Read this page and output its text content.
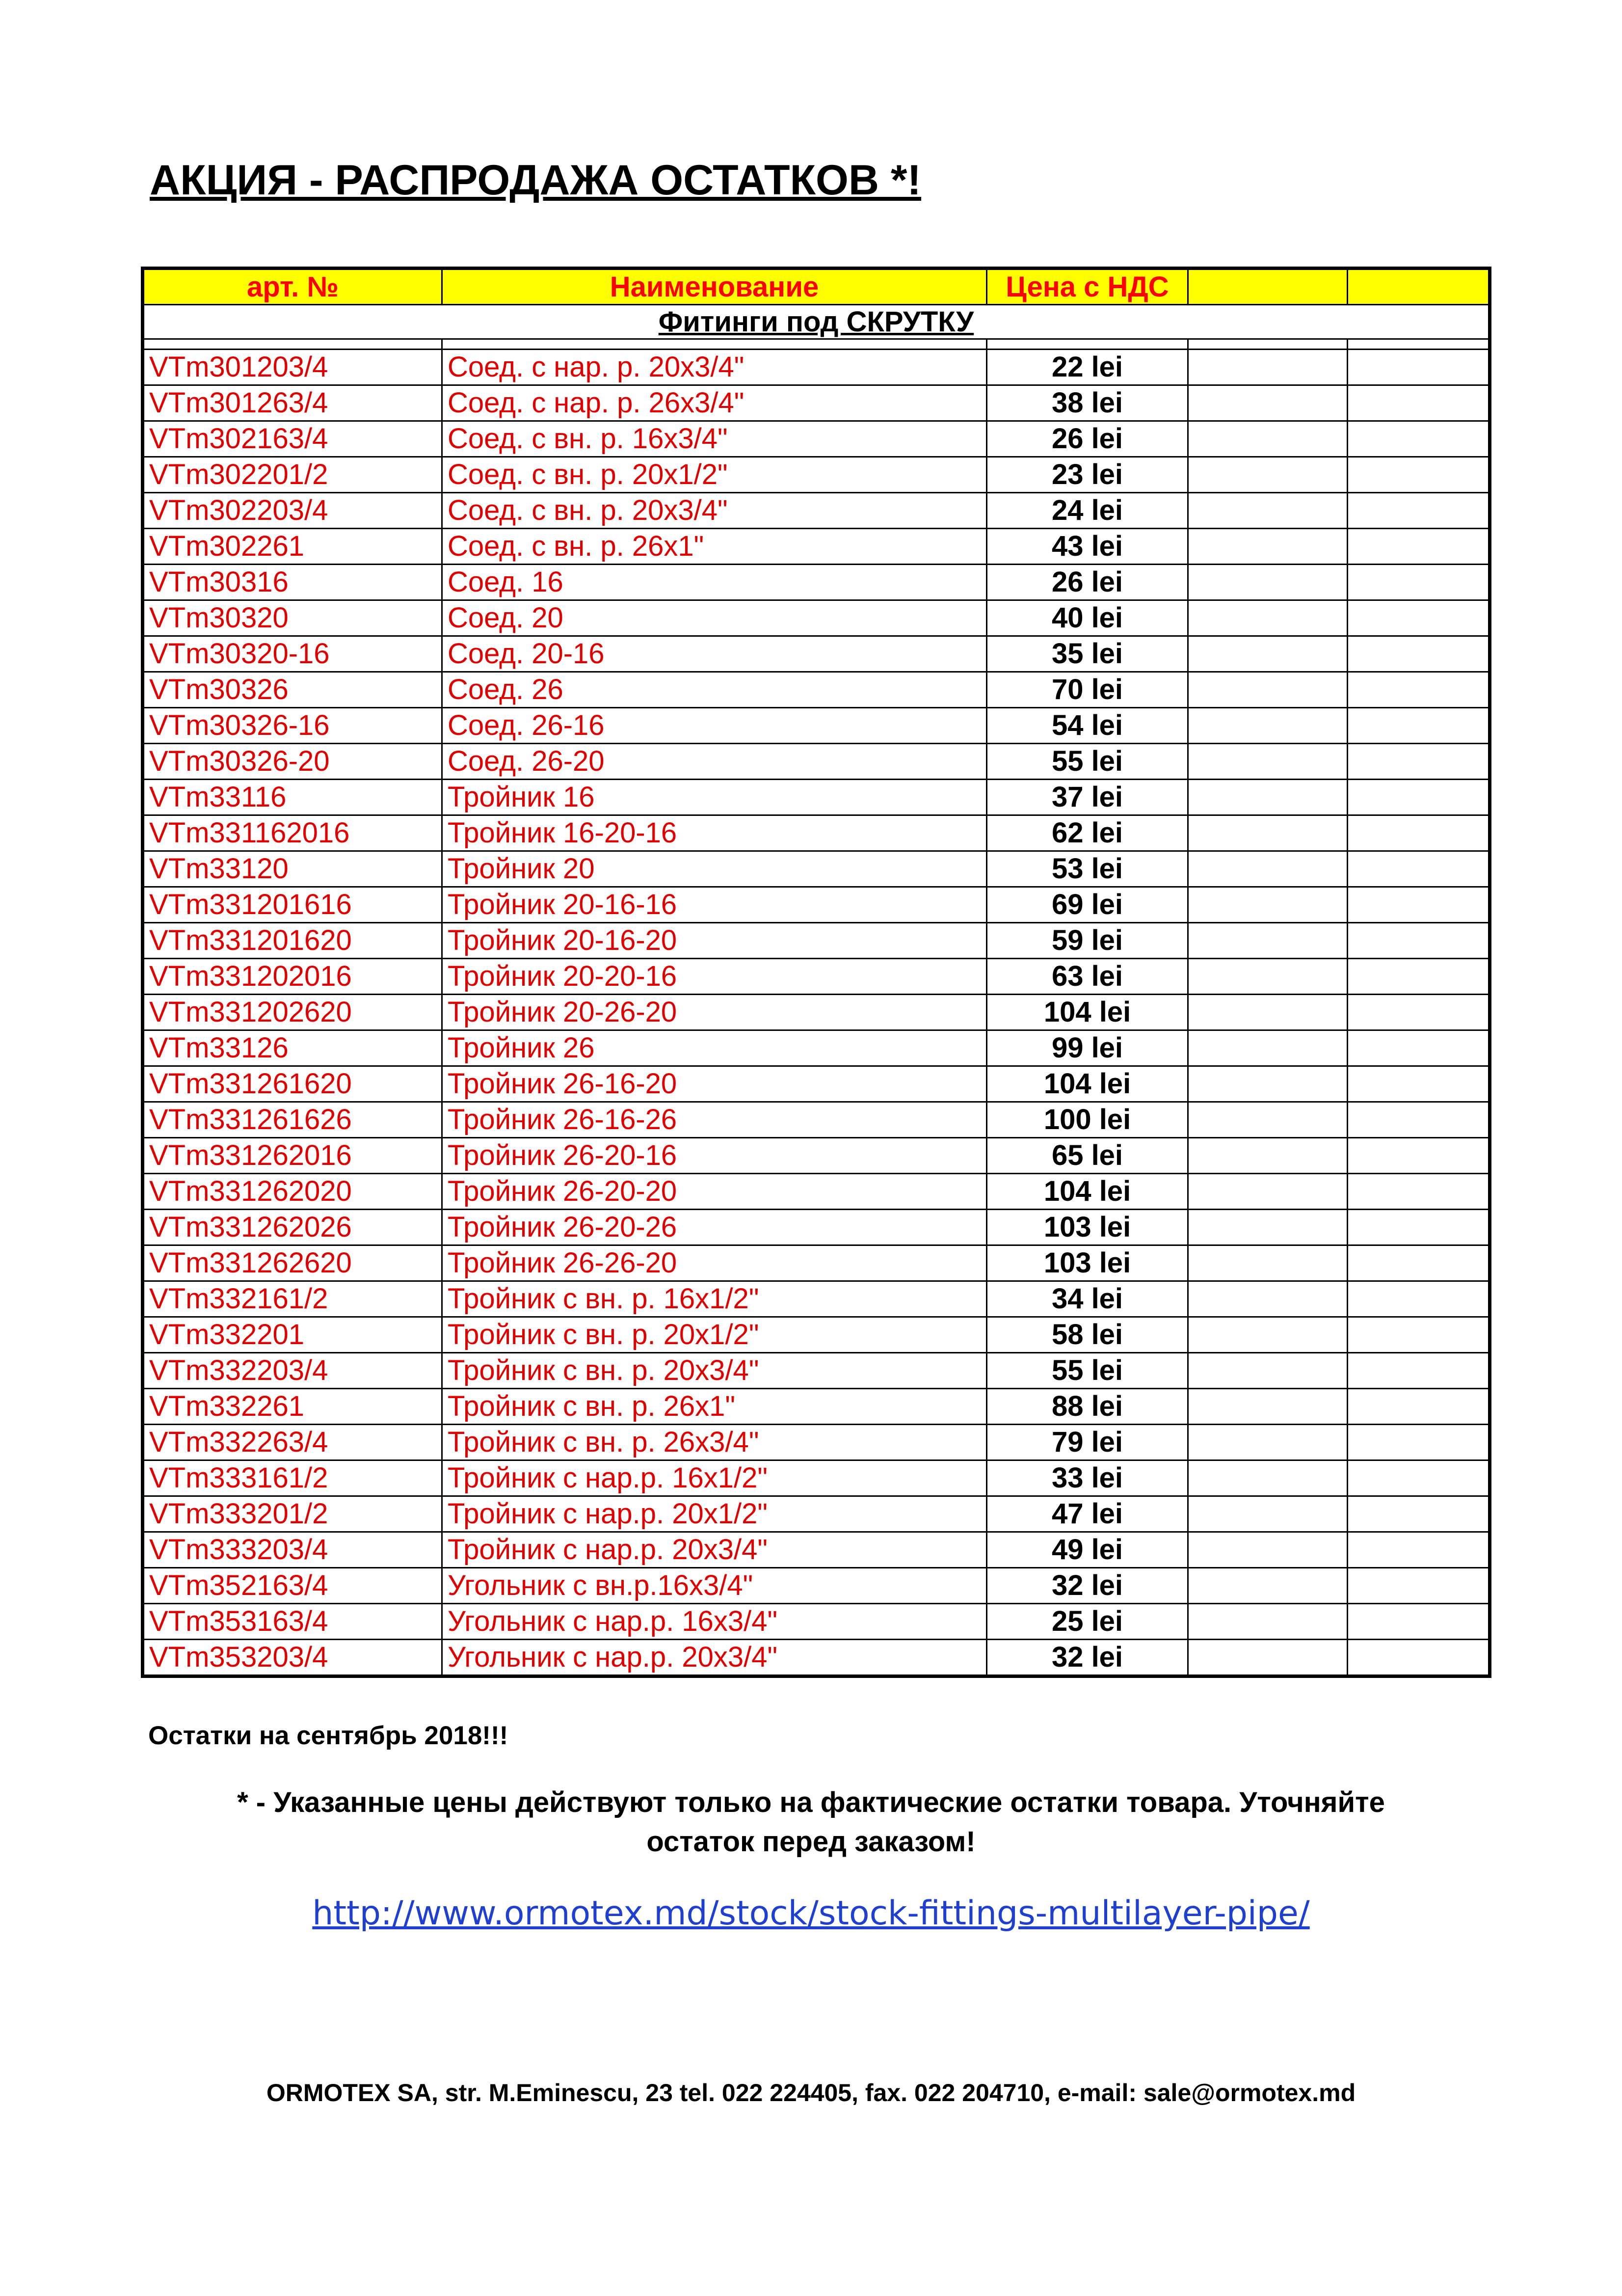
АКЦИЯ - РАСПРОДАЖА ОСТАТКОВ *!
арт. №	Наименование	Цена с НДС		
Фитинги под СКРУТКУ				

VTm301203/4	Соед. с нар. р. 20х3/4"	22 lei		
VTm301263/4	Соед. с нар. р. 26х3/4"	38 lei		
VTm302163/4	Соед. с вн. р. 16х3/4"	26 lei		
VTm302201/2	Соед. с вн. р. 20х1/2"	23 lei		
VTm302203/4	Соед. с вн. р. 20х3/4"	24 lei		
VTm302261	Соед. с вн. р. 26х1"	43 lei		
VTm30316	Соед. 16	26 lei		
VTm30320	Соед. 20	40 lei		
VTm30320-16	Соед. 20-16	35 lei		
VTm30326	Соед. 26	70 lei		
VTm30326-16	Соед. 26-16	54 lei		
VTm30326-20	Соед. 26-20	55 lei		
VTm33116	Тройник 16	37 lei		
VTm331162016	Тройник 16-20-16	62 lei		
VTm33120	Тройник 20	53 lei		
VTm331201616	Тройник 20-16-16	69 lei		
VTm331201620	Тройник 20-16-20	59 lei		
VTm331202016	Тройник 20-20-16	63 lei		
VTm331202620	Тройник 20-26-20	104 lei		
VTm33126	Тройник 26	99 lei		
VTm331261620	Тройник 26-16-20	104 lei		
VTm331261626	Тройник 26-16-26	100 lei		
VTm331262016	Тройник 26-20-16	65 lei		
VTm331262020	Тройник 26-20-20	104 lei		
VTm331262026	Тройник 26-20-26	103 lei		
VTm331262620	Тройник 26-26-20	103 lei		
VTm332161/2	Тройник с вн. р. 16х1/2"	34 lei		
VTm332201	Тройник с вн. р. 20х1/2"	58 lei		
VTm332203/4	Тройник с вн. р. 20х3/4"	55 lei		
VTm332261	Тройник с вн. р. 26х1"	88 lei		
VTm332263/4	Тройник с вн. р. 26х3/4"	79 lei		
VTm333161/2	Тройник с нар.р. 16х1/2"	33 lei		
VTm333201/2	Тройник с нар.р. 20х1/2"	47 lei		
VTm333203/4	Тройник с нар.р. 20х3/4"	49 lei		
VTm352163/4	Угольник с вн.р.16х3/4"	32 lei		
VTm353163/4	Угольник с нар.р. 16х3/4"	25 lei		
VTm353203/4	Угольник с нар.р. 20х3/4"	32 lei		
Остатки на сентябрь 2018!!!
* - Указанные цены действуют только на фактические остатки товара. Уточняйте
остаток перед заказом!
http://www.ormotex.md/stock/stock-fittings-multilayer-pipe/
ORMOTEX SA, str. M.Eminescu, 23 tel. 022 224405, fax. 022 204710, e-mail: sale@ormotex.md
